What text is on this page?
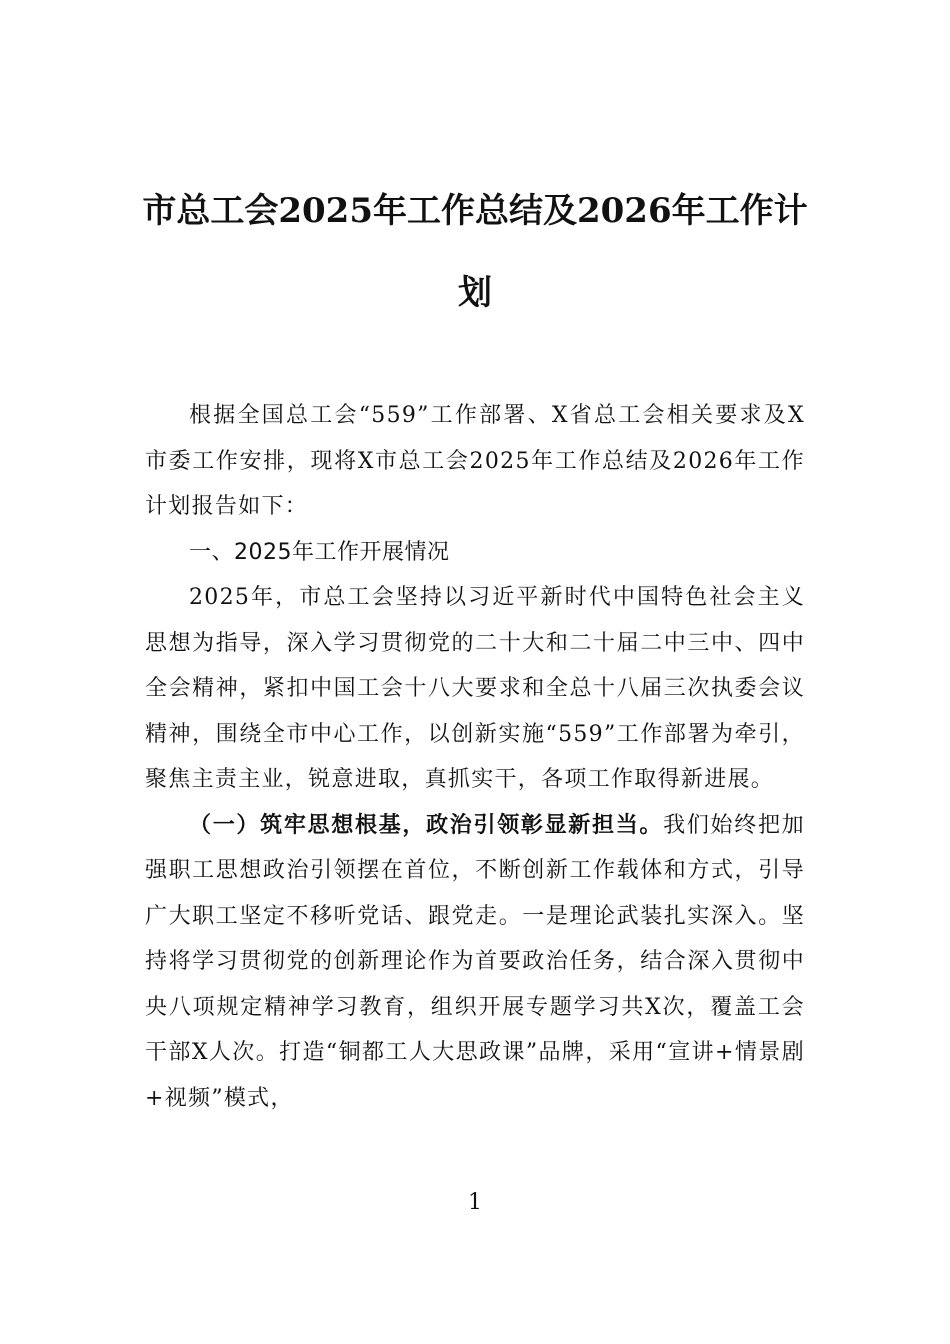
市总工会2025年工作总结及2026年工作计划

根据全国总工会“559”工作部署、X省总工会相关要求及X市委工作安排，现将X市总工会2025年工作总结及2026年工作计划报告如下：

一、2025年工作开展情况

2025年，市总工会坚持以习近平新时代中国特色社会主义思想为指导，深入学习贯彻党的二十大和二十届二中三中、四中全会精神，紧扣中国工会十八大要求和全总十八届三次执委会议精神，围绕全市中心工作，以创新实施“559”工作部署为牵引，聚焦主责主业，锐意进取，真抓实干，各项工作取得新进展。

（一）筑牢思想根基，政治引领彰显新担当。我们始终把加强职工思想政治引领摆在首位，不断创新工作载体和方式，引导广大职工坚定不移听党话、跟党走。一是理论武装扎实深入。坚持将学习贯彻党的创新理论作为首要政治任务，结合深入贯彻中央八项规定精神学习教育，组织开展专题学习共X次，覆盖工会干部X人次。打造“铜都工人大思政课”品牌，采用“宣讲+情景剧+视频”模式，

1
